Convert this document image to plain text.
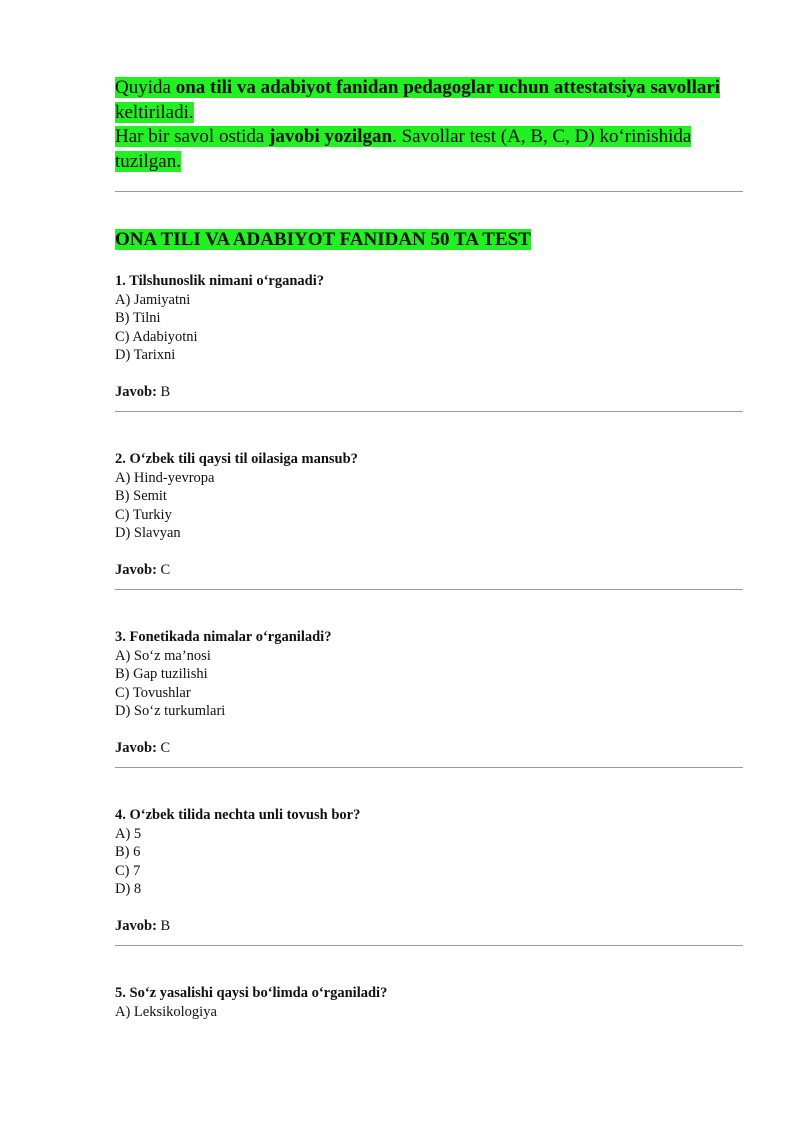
Quyida ona tili va adabiyot fanidan pedagoglar uchun attestatsiya savollari keltiriladi.
Har bir savol ostida javobi yozilgan. Savollar test (A, B, C, D) ko‘rinishida tuzilgan.

ONA TILI VA ADABIYOT FANIDAN 50 TA TEST

1. Tilshunoslik nimani o‘rganadi?

A) Jamiyatni

B) Tilni

C) Adabiyotni

D) Tarixni

Javob: B

2. O‘zbek tili qaysi til oilasiga mansub?

A) Hind-yevropa

B) Semit

C) Turkiy

D) Slavyan

Javob: C

3. Fonetikada nimalar o‘rganiladi?

A) So‘z ma’nosi

B) Gap tuzilishi

C) Tovushlar

D) So‘z turkumlari

Javob: C

4. O‘zbek tilida nechta unli tovush bor?

A) 5

B) 6

C) 7

D) 8

Javob: B

5. So‘z yasalishi qaysi bo‘limda o‘rganiladi?

A) Leksikologiya
